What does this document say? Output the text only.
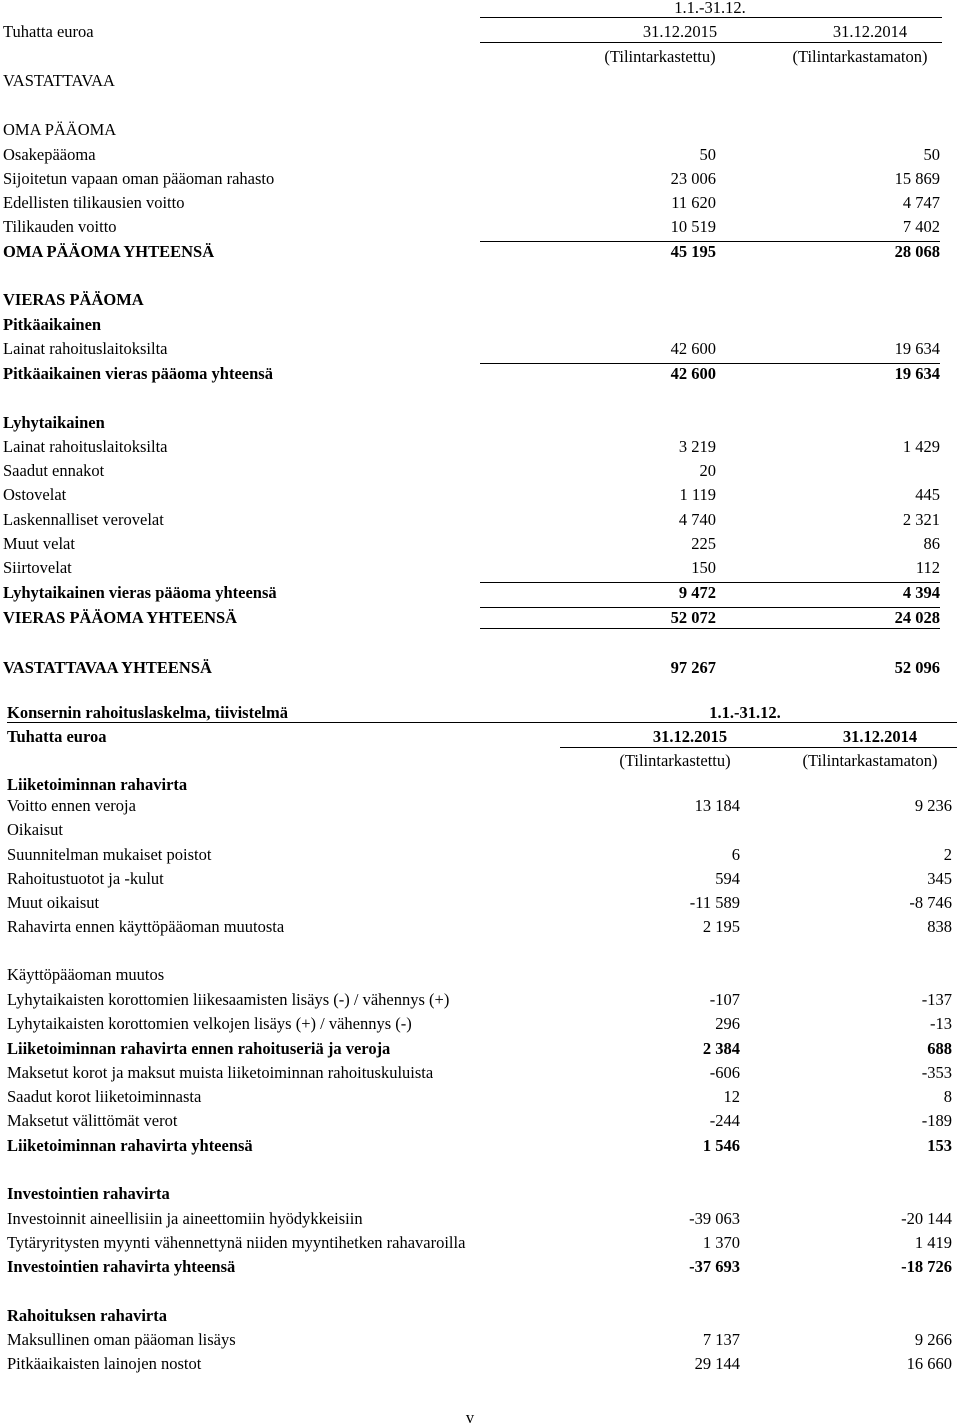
1.1.-31.12.
Tuhatta euroa	31.12.2015	31.12.2014
(Tilintarkastettu)	(Tilintarkastamaton)
VASTATTAVAA
OMA PÄÄOMA
Osakepääoma	50	50
Sijoitetun vapaan oman pääoman rahasto	23 006	15 869
Edellisten tilikausien voitto	11 620	4 747
Tilikauden voitto	10 519	7 402
OMA PÄÄOMA YHTEENSÄ	45 195	28 068
VIERAS PÄÄOMA
Pitkäaikainen
Lainat rahoituslaitoksilta	42 600	19 634
Pitkäaikainen vieras pääoma yhteensä	42 600	19 634
Lyhytaikainen
Lainat rahoituslaitoksilta	3 219	1 429
Saadut ennakot	20
Ostovelat	1 119	445
Laskennalliset verovelat	4 740	2 321
Muut velat	225	86
Siirtovelat	150	112
Lyhytaikainen vieras pääoma yhteensä	9 472	4 394
VIERAS PÄÄOMA YHTEENSÄ	52 072	24 028
VASTATTAVAA YHTEENSÄ	97 267	52 096
Konsernin rahoituslaskelma, tiivistelmä	1.1.-31.12.
Tuhatta euroa	31.12.2015	31.12.2014
(Tilintarkastettu)	(Tilintarkastamaton)
Liiketoiminnan rahavirta
Voitto ennen veroja	13 184	9 236
Oikaisut
Suunnitelman mukaiset poistot	6	2
Rahoitustuotot ja -kulut	594	345
Muut oikaisut	-11 589	-8 746
Rahavirta ennen käyttöpääoman muutosta	2 195	838
Käyttöpääoman muutos
Lyhytaikaisten korottomien liikesaamisten lisäys (-) / vähennys (+)	-107	-137
Lyhytaikaisten korottomien velkojen lisäys (+) / vähennys (-)	296	-13
Liiketoiminnan rahavirta ennen rahoituseriä ja veroja	2 384	688
Maksetut korot ja maksut muista liiketoiminnan rahoituskuluista	-606	-353
Saadut korot liiketoiminnasta	12	8
Maksetut välittömät verot	-244	-189
Liiketoiminnan rahavirta yhteensä	1 546	153
Investointien rahavirta
Investoinnit aineellisiin ja aineettomiin hyödykkeisiin	-39 063	-20 144
Tytäryritysten myynti vähennettynä niiden myyntihetken rahavaroilla	1 370	1 419
Investointien rahavirta yhteensä	-37 693	-18 726
Rahoituksen rahavirta
Maksullinen oman pääoman lisäys	7 137	9 266
Pitkäaikaisten lainojen nostot	29 144	16 660
v
